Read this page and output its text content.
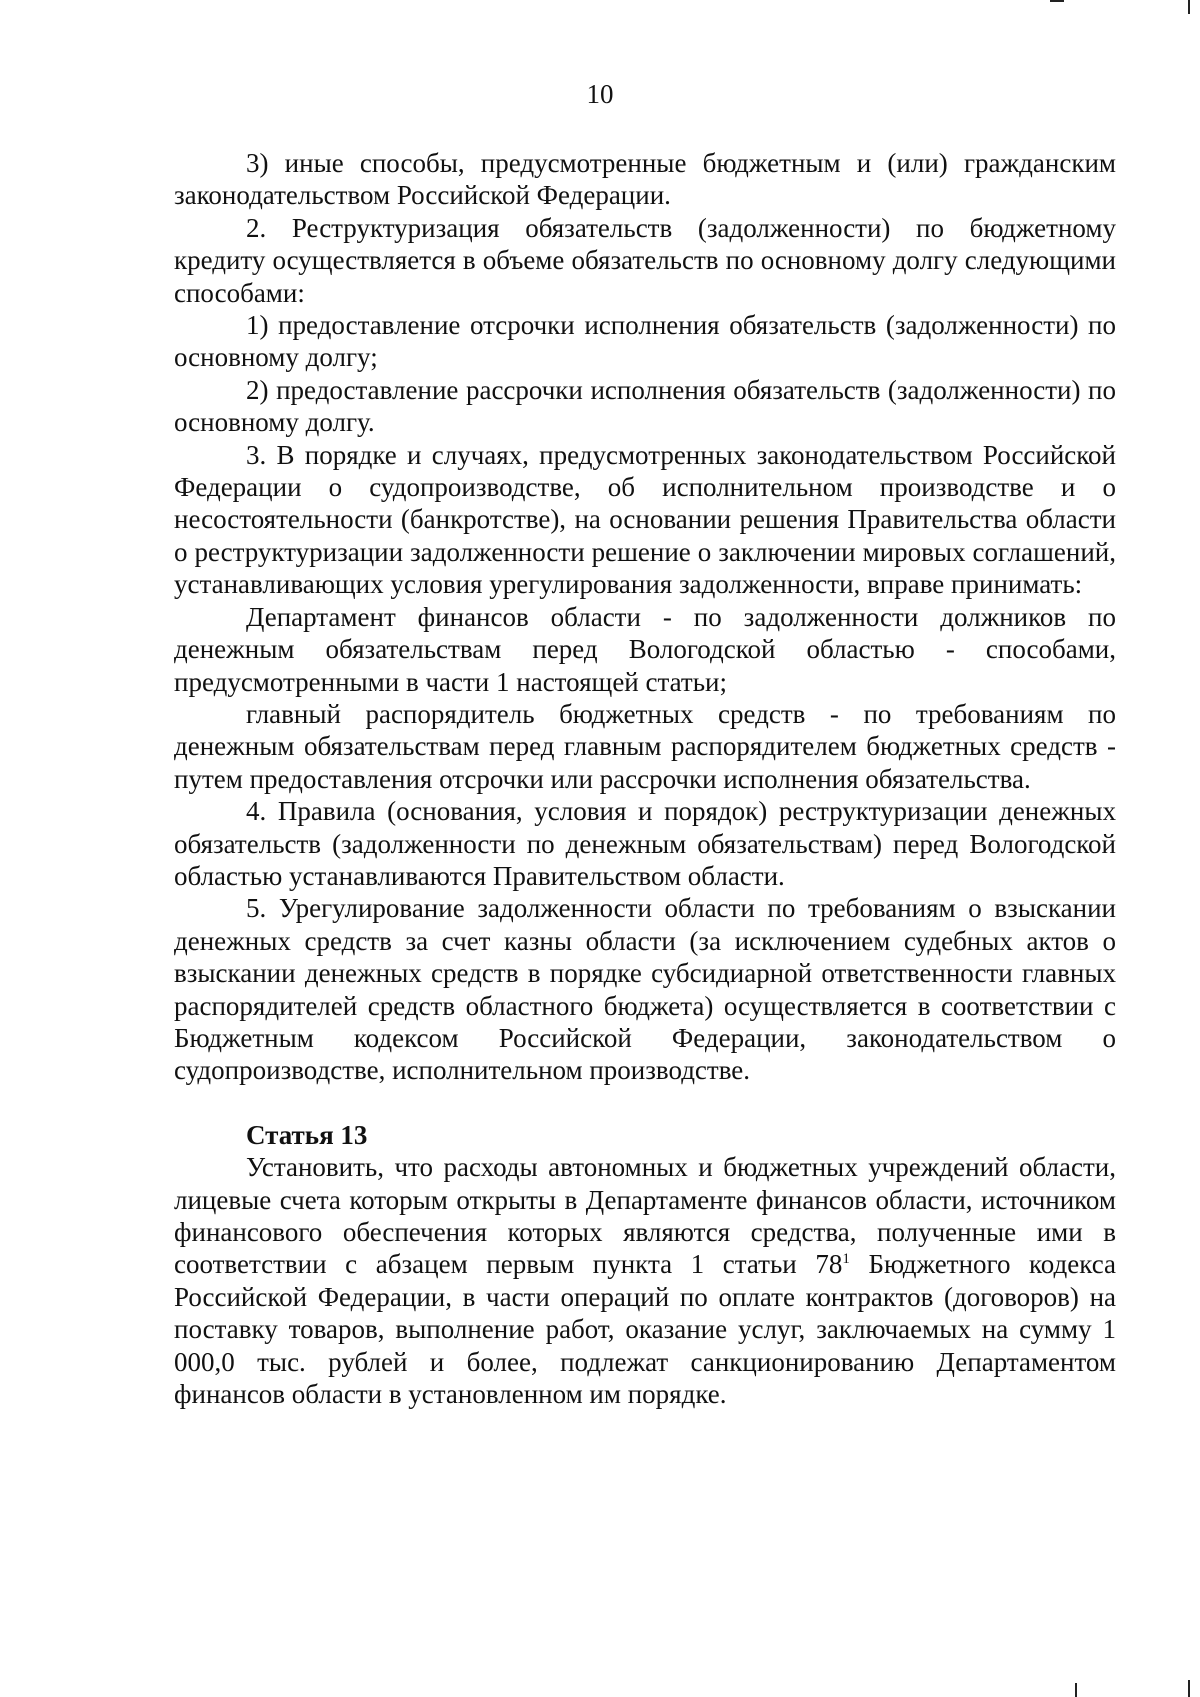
10

3) иные способы, предусмотренные бюджетным и (или) гражданским законодательством Российской Федерации.

2. Реструктуризация обязательств (задолженности) по бюджетному кредиту осуществляется в объеме обязательств по основному долгу следующими способами:

1) предоставление отсрочки исполнения обязательств (задолженности) по основному долгу;

2) предоставление рассрочки исполнения обязательств (задолженности) по основному долгу.

3. В порядке и случаях, предусмотренных законодательством Российской Федерации о судопроизводстве, об исполнительном производстве и о несостоятельности (банкротстве), на основании решения Правительства области о реструктуризации задолженности решение о заключении мировых соглашений, устанавливающих условия урегулирования задолженности, вправе принимать:

Департамент финансов области - по задолженности должников по денежным обязательствам перед Вологодской областью - способами, предусмотренными в части 1 настоящей статьи;

главный распорядитель бюджетных средств - по требованиям по денежным обязательствам перед главным распорядителем бюджетных средств - путем предоставления отсрочки или рассрочки исполнения обязательства.

4. Правила (основания, условия и порядок) реструктуризации денежных обязательств (задолженности по денежным обязательствам) перед Вологодской областью устанавливаются Правительством области.

5. Урегулирование задолженности области по требованиям о взыскании денежных средств за счет казны области (за исключением судебных актов о взыскании денежных средств в порядке субсидиарной ответственности главных распорядителей средств областного бюджета) осуществляется в соответствии с Бюджетным кодексом Российской Федерации, законодательством о судопроизводстве, исполнительном производстве.

Статья 13

Установить, что расходы автономных и бюджетных учреждений области, лицевые счета которым открыты в Департаменте финансов области, источником финансового обеспечения которых являются средства, полученные ими в соответствии с абзацем первым пункта 1 статьи $78^1$ Бюджетного кодекса Российской Федерации, в части операций по оплате контрактов (договоров) на поставку товаров, выполнение работ, оказание услуг, заключаемых на сумму 1 000,0 тыс. рублей и более, подлежат санкционированию Департаментом финансов области в установленном им порядке.
